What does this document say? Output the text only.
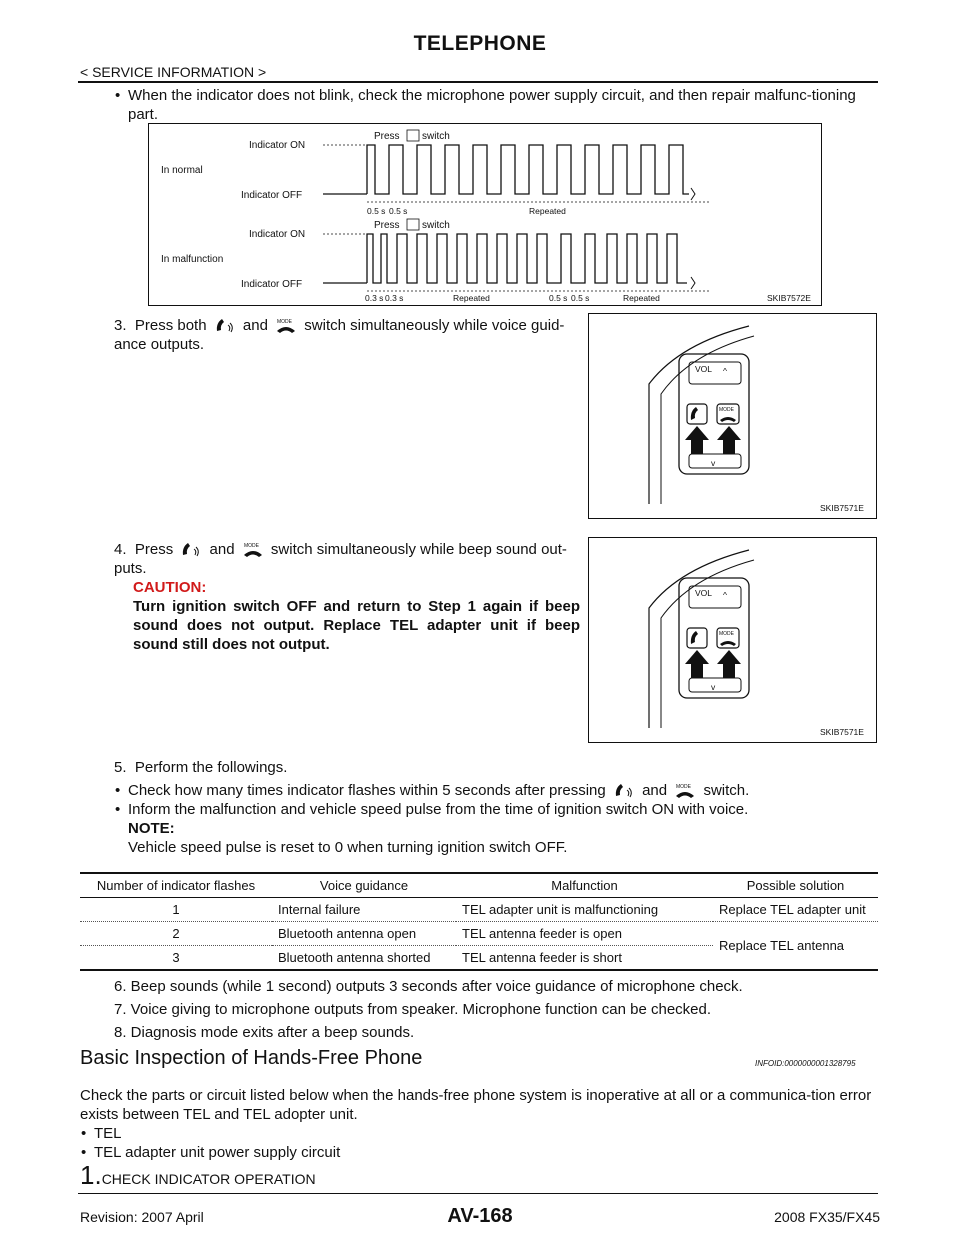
TELEPHONE
< SERVICE INFORMATION >
• When the indicator does not blink, check the microphone power supply circuit, and then repair malfunc-tioning part.
Indicator ON
In normal
Indicator OFF
Press switch
0.5 s 0.5 s	Repeated
Indicator ON
In malfunction
Indicator OFF
Press switch
0.3 s 0.3 s	Repeated	0.5 s 0.5 s	Repeated	SKIB7572E
3. Press both and MODE switch simultaneously while voice guid-ance outputs.
VOL ^
MODE
v
SKIB7571E
4. Press and MODE switch simultaneously while beep sound out-puts.
CAUTION:
Turn ignition switch OFF and return to Step 1 again if beep sound does not output. Replace TEL adapter unit if beep sound still does not output.
VOL ^
MODE
v
SKIB7571E
5. Perform the followings.
• Check how many times indicator flashes within 5 seconds after pressing and MODE switch.
• Inform the malfunction and vehicle speed pulse from the time of ignition switch ON with voice.
NOTE:
Vehicle speed pulse is reset to 0 when turning ignition switch OFF.
Number of indicator flashes	Voice guidance	Malfunction	Possible solution
1	Internal failure	TEL adapter unit is malfunctioning	Replace TEL adapter unit
2	Bluetooth antenna open	TEL antenna feeder is open	Replace TEL antenna
3	Bluetooth antenna shorted	TEL antenna feeder is short	
6. Beep sounds (while 1 second) outputs 3 seconds after voice guidance of microphone check.
7. Voice giving to microphone outputs from speaker. Microphone function can be checked.
8. Diagnosis mode exits after a beep sounds.
Basic Inspection of Hands-Free Phone	INFOID:0000000001328795
Check the parts or circuit listed below when the hands-free phone system is inoperative at all or a communica-tion error exists between TEL and TEL adopter unit.
• TEL
• TEL adapter unit power supply circuit
1.CHECK INDICATOR OPERATION
Revision: 2007 April	AV-168	2008 FX35/FX45
